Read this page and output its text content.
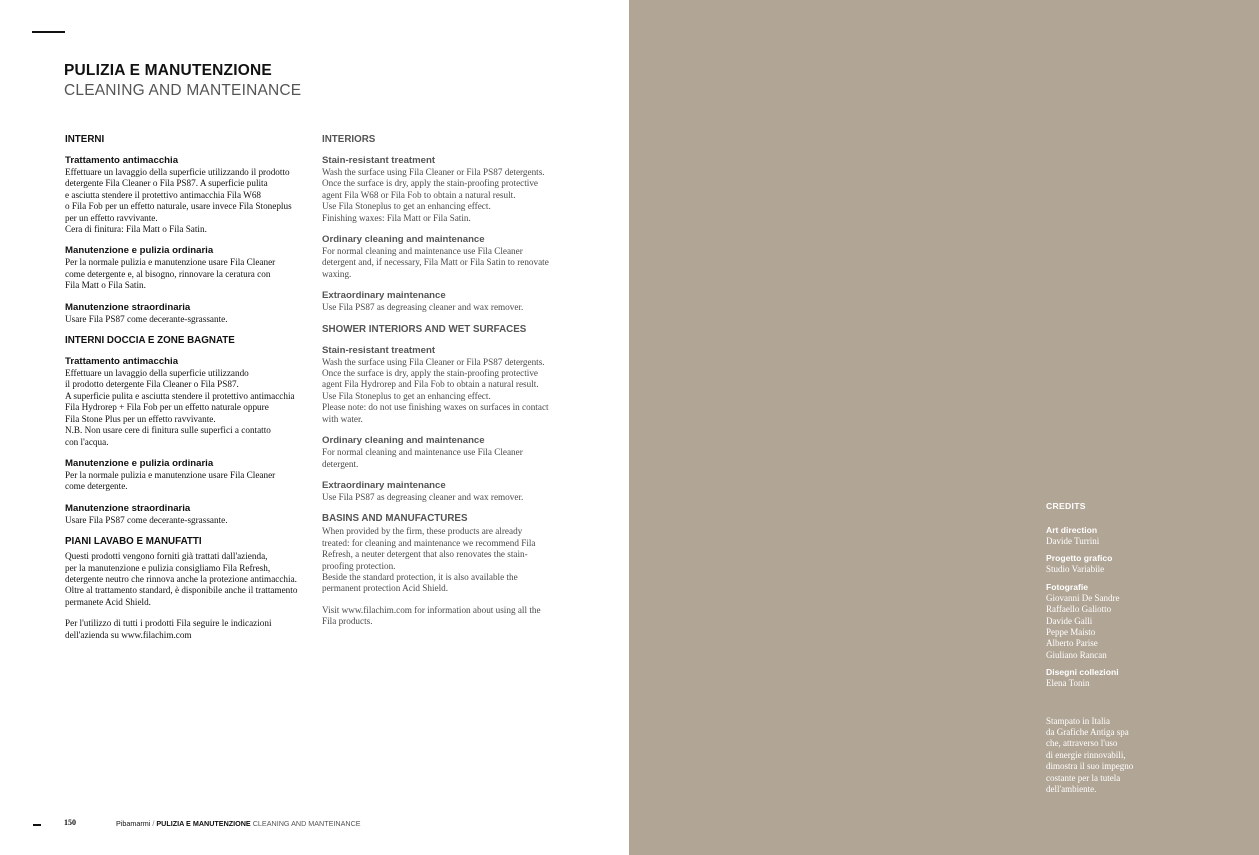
PULIZIA E MANUTENZIONE
CLEANING AND MANTEINANCE
INTERNI
Trattamento antimacchia

Effettuare un lavaggio della superficie utilizzando il prodotto
detergente Fila Cleaner o Fila PS87. A superficie pulita
e asciutta stendere il protettivo antimacchia Fila W68
o Fila Fob per un effetto naturale, usare invece Fila Stoneplus
per un effetto ravvivante.
Cera di finitura: Fila Matt o Fila Satin.

Manutenzione e pulizia ordinaria

Per la normale pulizia e manutenzione usare Fila Cleaner
come detergente e, al bisogno, rinnovare la ceratura con
Fila Matt o Fila Satin.

Manutenzione straordinaria

Usare Fila PS87 come decerante-sgrassante.

INTERNI DOCCIA E ZONE BAGNATE
Trattamento antimacchia

Effettuare un lavaggio della superficie utilizzando
il prodotto detergente Fila Cleaner o Fila PS87.
A superficie pulita e asciutta stendere il protettivo antimacchia
Fila Hydrorep + Fila Fob per un effetto naturale oppure
Fila Stone Plus per un effetto ravvivante.
N.B. Non usare cere di finitura sulle superfici a contatto
con l'acqua.

Manutenzione e pulizia ordinaria

Per la normale pulizia e manutenzione usare Fila Cleaner
come detergente.

Manutenzione straordinaria

Usare Fila PS87 come decerante-sgrassante.

PIANI LAVABO E MANUFATTI

Questi prodotti vengono forniti già trattati dall'azienda,
per la manutenzione e pulizia consigliamo Fila Refresh,
detergente neutro che rinnova anche la protezione antimacchia.
Oltre al trattamento standard, è disponibile anche il trattamento
permanete Acid Shield.

Per l'utilizzo di tutti i prodotti Fila seguire le indicazioni
dell'azienda su www.filachim.com

INTERIORS
Stain-resistant treatment

Wash the surface using Fila Cleaner or Fila PS87 detergents.
Once the surface is dry, apply the stain-proofing protective
agent Fila W68 or Fila Fob to obtain a natural result.
Use Fila Stoneplus to get an enhancing effect.
Finishing waxes: Fila Matt or Fila Satin.

Ordinary cleaning and maintenance

For normal cleaning and maintenance use Fila Cleaner
detergent and, if necessary, Fila Matt or Fila Satin to renovate
waxing.

Extraordinary maintenance

Use Fila PS87 as degreasing cleaner and wax remover.

SHOWER INTERIORS AND WET SURFACES
Stain-resistant treatment

Wash the surface using Fila Cleaner or Fila PS87 detergents.
Once the surface is dry, apply the stain-proofing protective
agent Fila Hydrorep and Fila Fob to obtain a natural result.
Use Fila Stoneplus to get an enhancing effect.
Please note: do not use finishing waxes on surfaces in contact
with water.

Ordinary cleaning and maintenance

For normal cleaning and maintenance use Fila Cleaner
detergent.

Extraordinary maintenance

Use Fila PS87 as degreasing cleaner and wax remover.

BASINS AND MANUFACTURES

When provided by the firm, these products are already
treated: for cleaning and maintenance we recommend Fila
Refresh, a neuter detergent that also renovates the stain-
proofing protection.
Beside the standard protection, it is also available the
permanent protection Acid Shield.

Visit www.filachim.com for information about using all the
Fila products.

150	Pibamarmi / PULIZIA E MANUTENZIONE CLEANING AND MANTEINANCE
CREDITS
Art direction
Davide Turrini
Progetto grafico
Studio Variabile
Fotografie
Giovanni De Sandre
Raffaello Galiotto
Davide Galli
Peppe Maisto
Alberto Parise
Giuliano Rancan
Disegni collezioni
Elena Tonin
Stampato in Italia
da Grafiche Antiga spa
che, attraverso l'uso
di energie rinnovabili,
dimostra il suo impegno
costante per la tutela
dell'ambiente.
